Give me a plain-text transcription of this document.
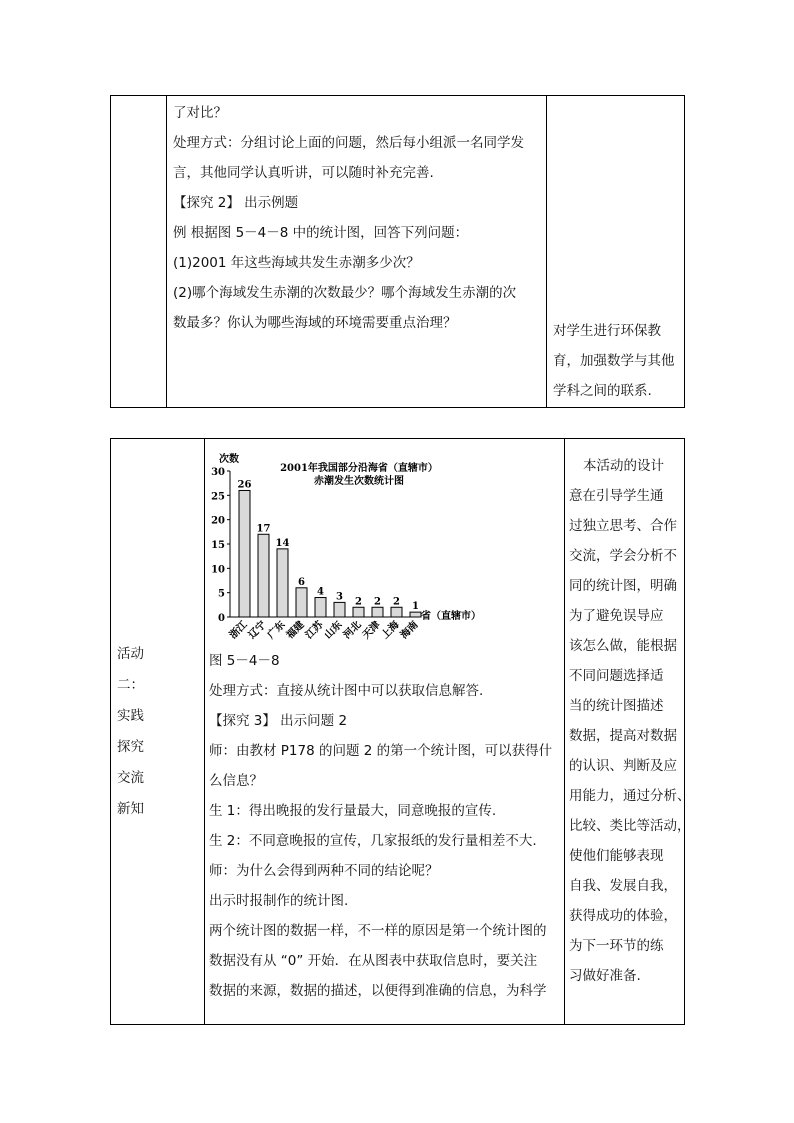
了对比？
处理方式：分组讨论上面的问题，然后每小组派一名同学发
言，其他同学认真听讲，可以随时补充完善.
【探究 2】 出示例题
例 根据图 5－4－8 中的统计图，回答下列问题：
(1)2001 年这些海域共发生赤潮多少次？
(2)哪个海域发生赤潮的次数最少？哪个海域发生赤潮的次
数最多？你认为哪些海域的环境需要重点治理？	对学生进行环保教
育，加强数学与其他
学科之间的联系.
活动
二：
实践
探究
交流
新知
次数
2001年我国部分沿海省（直辖市）
赤潮发生次数统计图
省（直辖市）
0
5
10
15
20
25
30
26
浙江
17
辽宁
14
广东
6
福建
4
江苏
3
山东
2
河北
2
天津
2
上海
1
海南
图 5－4－8
处理方式：直接从统计图中可以获取信息解答.
【探究 3】 出示问题 2
师：由教材 P178 的问题 2 的第一个统计图，可以获得什
么信息？
生 1：得出晚报的发行量最大，同意晚报的宣传.
生 2：不同意晚报的宣传，几家报纸的发行量相差不大.
师：为什么会得到两种不同的结论呢？
出示时报制作的统计图.
两个统计图的数据一样，不一样的原因是第一个统计图的
数据没有从 “0” 开始．在从图表中获取信息时，要关注
数据的来源，数据的描述，以便得到准确的信息，为科学
本活动的设计
意在引导学生通
过独立思考、合作
交流，学会分析不
同的统计图，明确
为了避免误导应
该怎么做，能根据
不同问题选择适
当的统计图描述
数据，提高对数据
的认识、判断及应
用能力，通过分析、
比较、类比等活动，
使他们能够表现
自我、发展自我，
获得成功的体验，
为下一环节的练
习做好准备.
